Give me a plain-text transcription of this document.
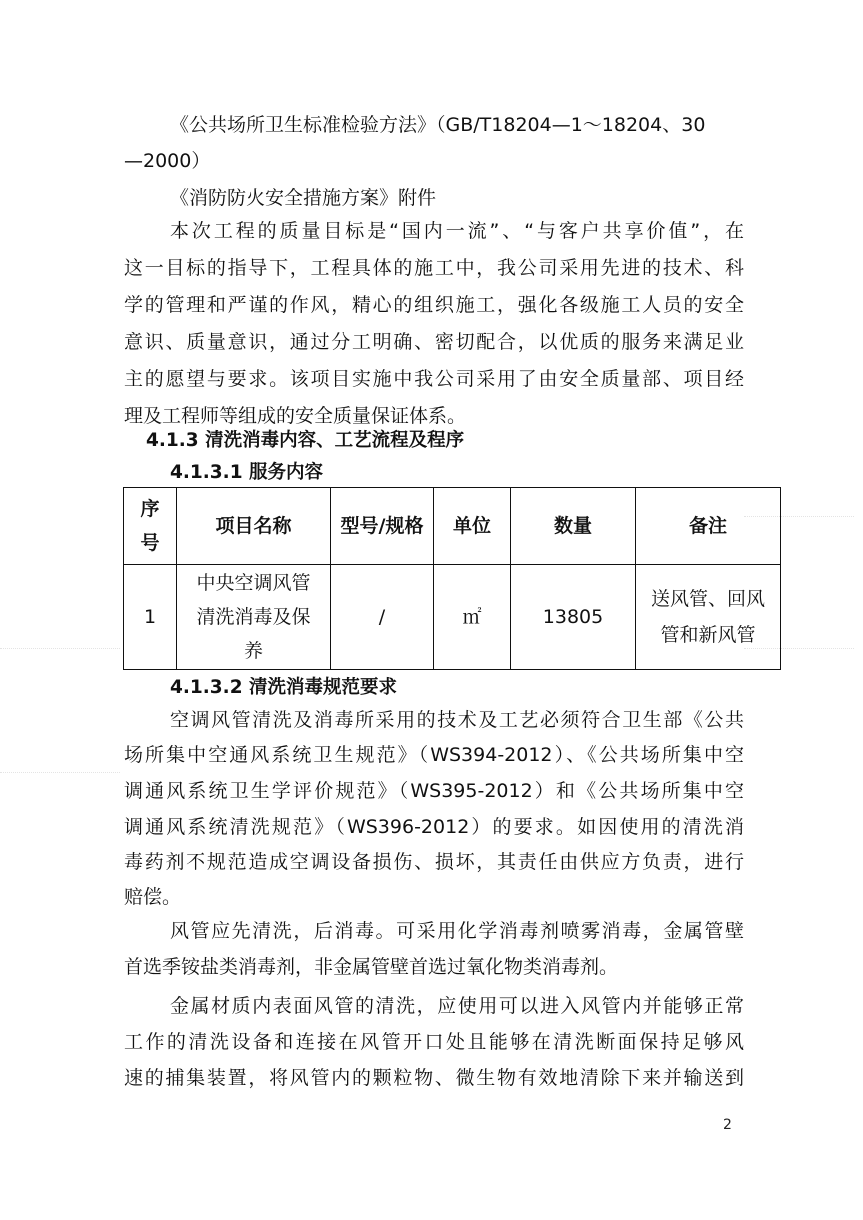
《公共场所卫生标准检验方法》（GB/T18204—1～18204、30
—2000）
《消防防火安全措施方案》附件
本次工程的质量目标是“国内一流”、“与客户共享价值”，在
这一目标的指导下，工程具体的施工中，我公司采用先进的技术、科
学的管理和严谨的作风，精心的组织施工，强化各级施工人员的安全
意识、质量意识，通过分工明确、密切配合，以优质的服务来满足业
主的愿望与要求。该项目实施中我公司采用了由安全质量部、项目经
理及工程师等组成的安全质量保证体系。
4.1.3 清洗消毒内容、工艺流程及程序
4.1.3.1 服务内容
序号	项目名称	型号/规格	单位	数量	备注
1	中央空调风管清洗消毒及保养	/	㎡	13805	送风管、回风管和新风管
4.1.3.2 清洗消毒规范要求
空调风管清洗及消毒所采用的技术及工艺必须符合卫生部《公共
场所集中空通风系统卫生规范》（WS394-2012）、《公共场所集中空
调通风系统卫生学评价规范》（WS395-2012）和《公共场所集中空
调通风系统清洗规范》（WS396-2012）的要求。如因使用的清洗消
毒药剂不规范造成空调设备损伤、损坏，其责任由供应方负责，进行
赔偿。
风管应先清洗，后消毒。可采用化学消毒剂喷雾消毒，金属管壁
首选季铵盐类消毒剂，非金属管壁首选过氧化物类消毒剂。
金属材质内表面风管的清洗，应使用可以进入风管内并能够正常
工作的清洗设备和连接在风管开口处且能够在清洗断面保持足够风
速的捕集装置，将风管内的颗粒物、微生物有效地清除下来并输送到
2
